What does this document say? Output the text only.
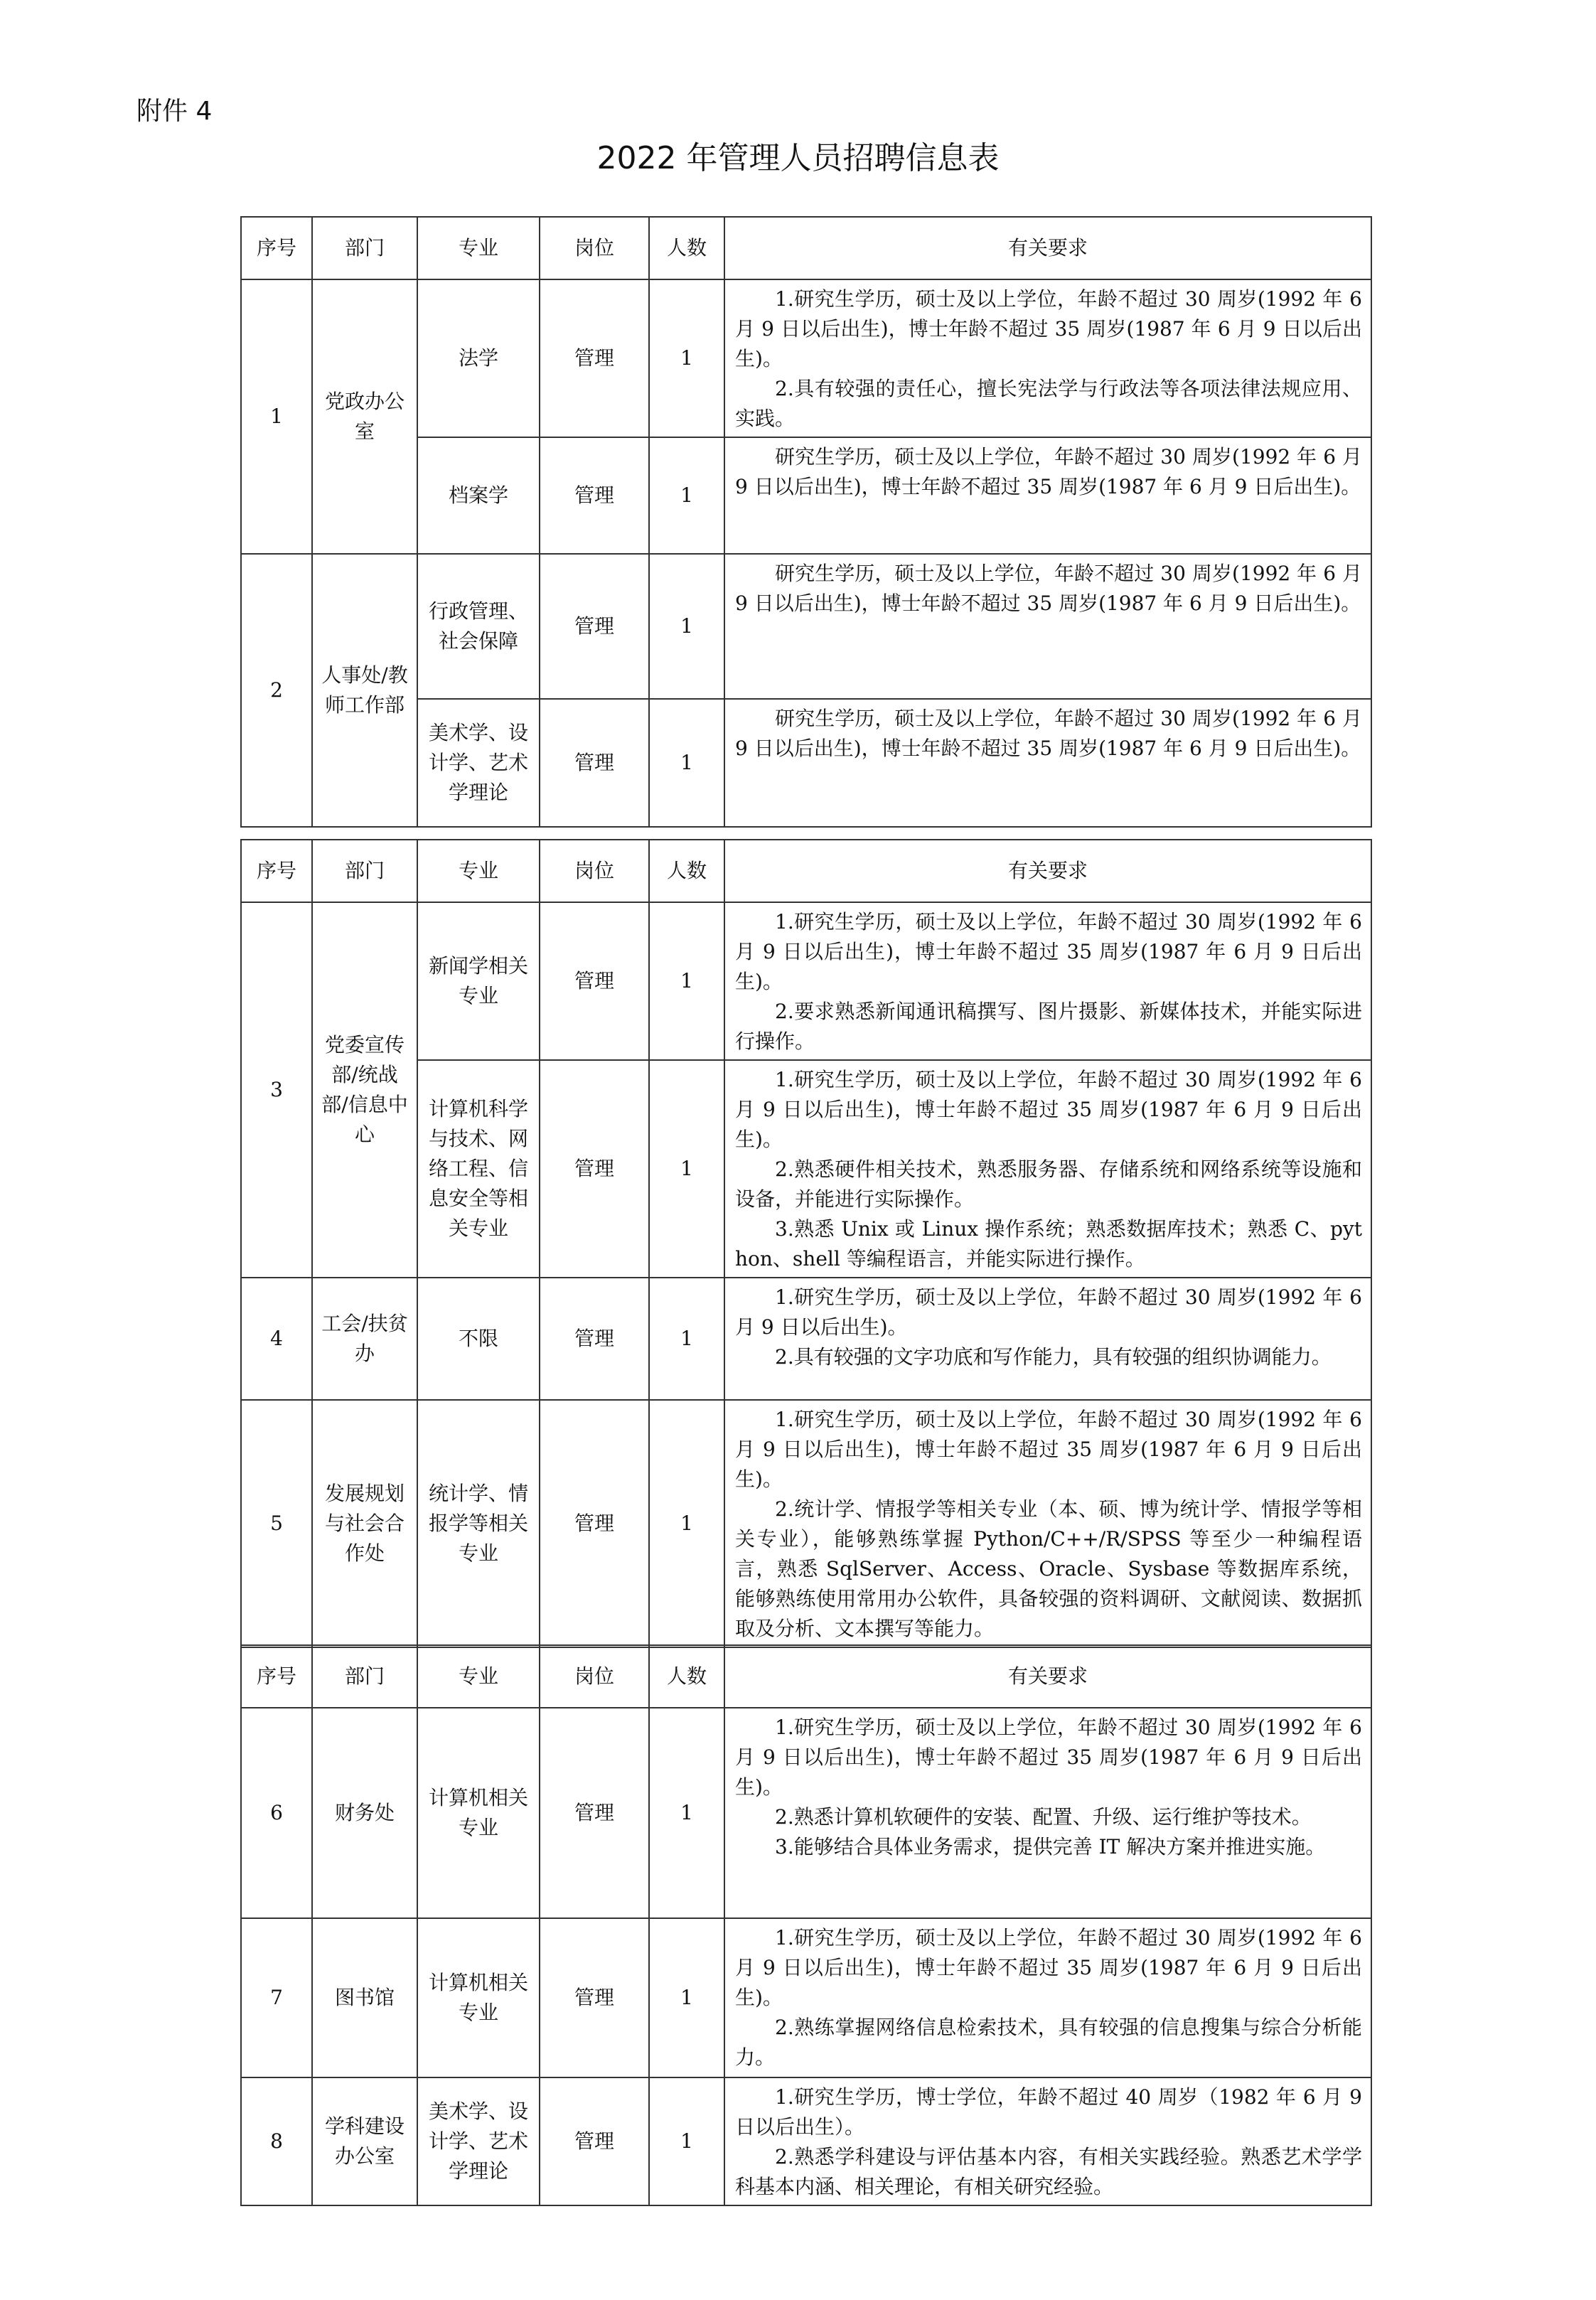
附件 4
2022 年管理人员招聘信息表
序号	部门	专业	岗位	人数	有关要求
1	党政办公室	法学	管理	1	1.研究生学历，硕士及以上学位，年龄不超过 30 周岁(1992 年 6 月 9 日以后出生)，博士年龄不超过 35 周岁(1987 年 6 月 9 日以后出生)。

2.具有较强的责任心，擅长宪法学与行政法等各项法律法规应用、实践。

		档案学	管理	1	研究生学历，硕士及以上学位，年龄不超过 30 周岁(1992 年 6 月 9 日以后出生)，博士年龄不超过 35 周岁(1987 年 6 月 9 日后出生)。

2	人事处/教师工作部	行政管理、社会保障	管理	1	研究生学历，硕士及以上学位，年龄不超过 30 周岁(1992 年 6 月 9 日以后出生)，博士年龄不超过 35 周岁(1987 年 6 月 9 日后出生)。

		美术学、设计学、艺术学理论	管理	1	研究生学历，硕士及以上学位，年龄不超过 30 周岁(1992 年 6 月 9 日以后出生)，博士年龄不超过 35 周岁(1987 年 6 月 9 日后出生)。

序号	部门	专业	岗位	人数	有关要求
3	党委宣传部/统战部/信息中心	新闻学相关专业	管理	1	1.研究生学历，硕士及以上学位，年龄不超过 30 周岁(1992 年 6 月 9 日以后出生)，博士年龄不超过 35 周岁(1987 年 6 月 9 日后出生)。

2.要求熟悉新闻通讯稿撰写、图片摄影、新媒体技术，并能实际进行操作。

		计算机科学与技术、网络工程、信息安全等相关专业	管理	1	1.研究生学历，硕士及以上学位，年龄不超过 30 周岁(1992 年 6 月 9 日以后出生)，博士年龄不超过 35 周岁(1987 年 6 月 9 日后出生)。

2.熟悉硬件相关技术，熟悉服务器、存储系统和网络系统等设施和设备，并能进行实际操作。

3.熟悉 Unix 或 Linux 操作系统；熟悉数据库技术；熟悉 C、python、shell 等编程语言，并能实际进行操作。

4	工会/扶贫办	不限	管理	1	1.研究生学历，硕士及以上学位，年龄不超过 30 周岁(1992 年 6 月 9 日以后出生)。

2.具有较强的文字功底和写作能力，具有较强的组织协调能力。

5	发展规划与社会合作处	统计学、情报学等相关专业	管理	1	1.研究生学历，硕士及以上学位，年龄不超过 30 周岁(1992 年 6 月 9 日以后出生)，博士年龄不超过 35 周岁(1987 年 6 月 9 日后出生)。

2.统计学、情报学等相关专业（本、硕、博为统计学、情报学等相关专业），能够熟练掌握 Python/C++/R/SPSS 等至少一种编程语言，熟悉 SqlServer、Access、Oracle、Sysbase 等数据库系统，能够熟练使用常用办公软件，具备较强的资料调研、文献阅读、数据抓取及分析、文本撰写等能力。

序号	部门	专业	岗位	人数	有关要求
6	财务处	计算机相关专业	管理	1	1.研究生学历，硕士及以上学位，年龄不超过 30 周岁(1992 年 6 月 9 日以后出生)，博士年龄不超过 35 周岁(1987 年 6 月 9 日后出生)。

2.熟悉计算机软硬件的安装、配置、升级、运行维护等技术。

3.能够结合具体业务需求，提供完善 IT 解决方案并推进实施。

7	图书馆	计算机相关专业	管理	1	1.研究生学历，硕士及以上学位，年龄不超过 30 周岁(1992 年 6 月 9 日以后出生)，博士年龄不超过 35 周岁(1987 年 6 月 9 日后出生)。

2.熟练掌握网络信息检索技术，具有较强的信息搜集与综合分析能力。

8	学科建设办公室	美术学、设计学、艺术学理论	管理	1	1.研究生学历，博士学位，年龄不超过 40 周岁（1982 年 6 月 9 日以后出生）。

2.熟悉学科建设与评估基本内容，有相关实践经验。熟悉艺术学学科基本内涵、相关理论，有相关研究经验。
